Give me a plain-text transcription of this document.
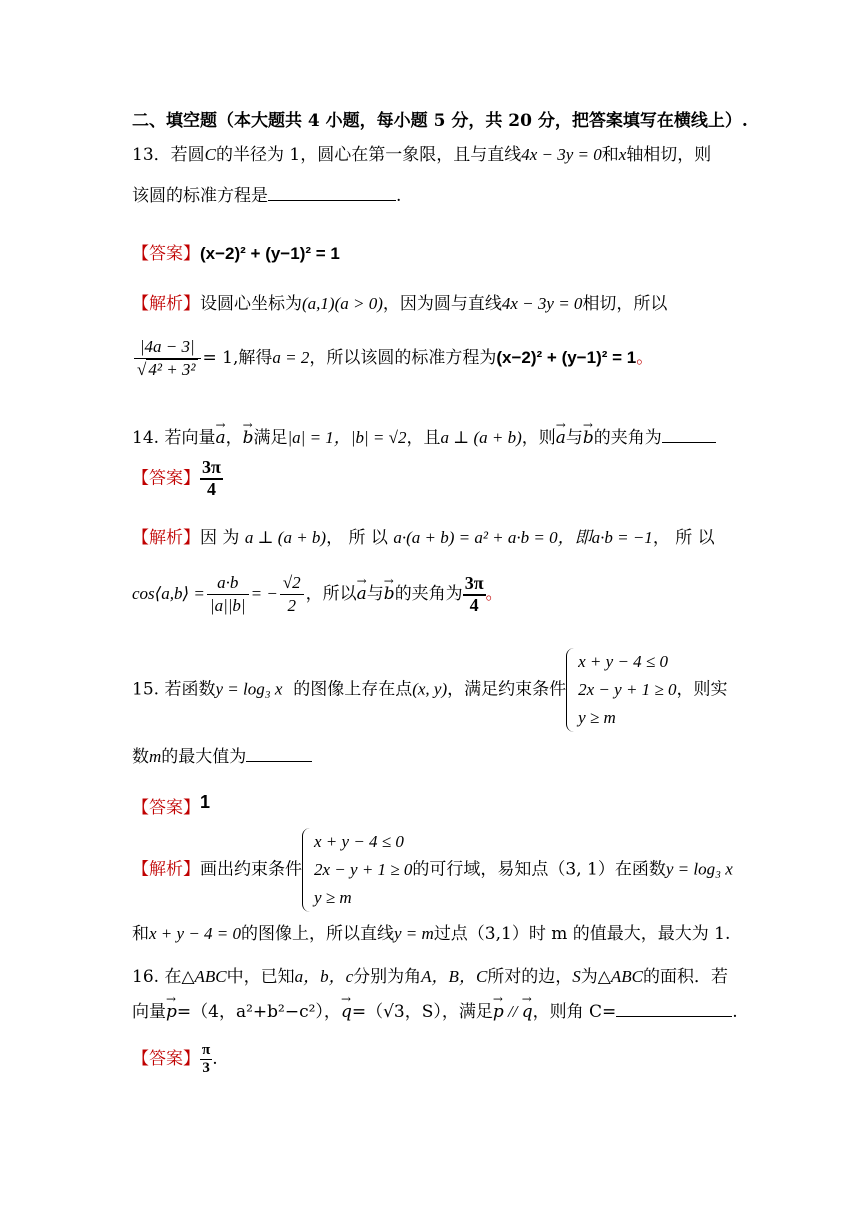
二、填空题（本大题共 4 小题，每小题 5 分，共 20 分，把答案填写在横线上）.
13．若圆C的半径为 1，圆心在第一象限，且与直线4x − 3y = 0和x轴相切，则
该圆的标准方程是	.
【答案】(x−2)² + (y−1)² = 1
【解析】设圆心坐标为(a,1)(a > 0)，因为圆与直线4x − 3y = 0相切，所以
$\frac{|4a - 3|}{\text{√ 4² + 3²}} = 1$,解得a = 2，所以该圆的标准方程为(x−2)² + (y−1)² = 1。
14. 若向量→ a，→ b满足|a| = 1，|b| = √2，且a ⊥ (a + b)，则→ a与→ b的夹角为
【答案】 $\frac{3\pi}{4}$
【解析】因 为 a ⊥ (a + b)， 所 以 a·(a + b) = a² + a·b = 0，即a·b = −1， 所 以
cos⟨a,b⟩ = $\frac{a\cdot b}{|a||b|}$ = − $\frac{√2}{2}$ ，所以→ a与→ b的夹角为 $\frac{3\pi}{4}$ 。
15. 若函数y = log₃ x 的图像上存在点(x, y)，满足约束条件
x + y − 4 ≤ 0
2x − y + 1 ≥ 0
y ≥ m
，则实
数m的最大值为
【答案】1
【解析】画出约束条件
x + y − 4 ≤ 0
2x − y + 1 ≥ 0
y ≥ m
的可行域，易知点（3, 1）在函数y = log₃ x
和x + y − 4 = 0的图像上，所以直线y = m过点（3,1）时 m 的值最大，最大为 1.
16. 在△ABC中，已知a，b，c分别为角A，B，C所对的边，S为△ABC的面积．若
向量→ p=（4，a²+b²−c²），→ q=（√3，S），满足→ p // → q，则角 C=	.
【答案】 $\frac{\pi}{3}$ .
